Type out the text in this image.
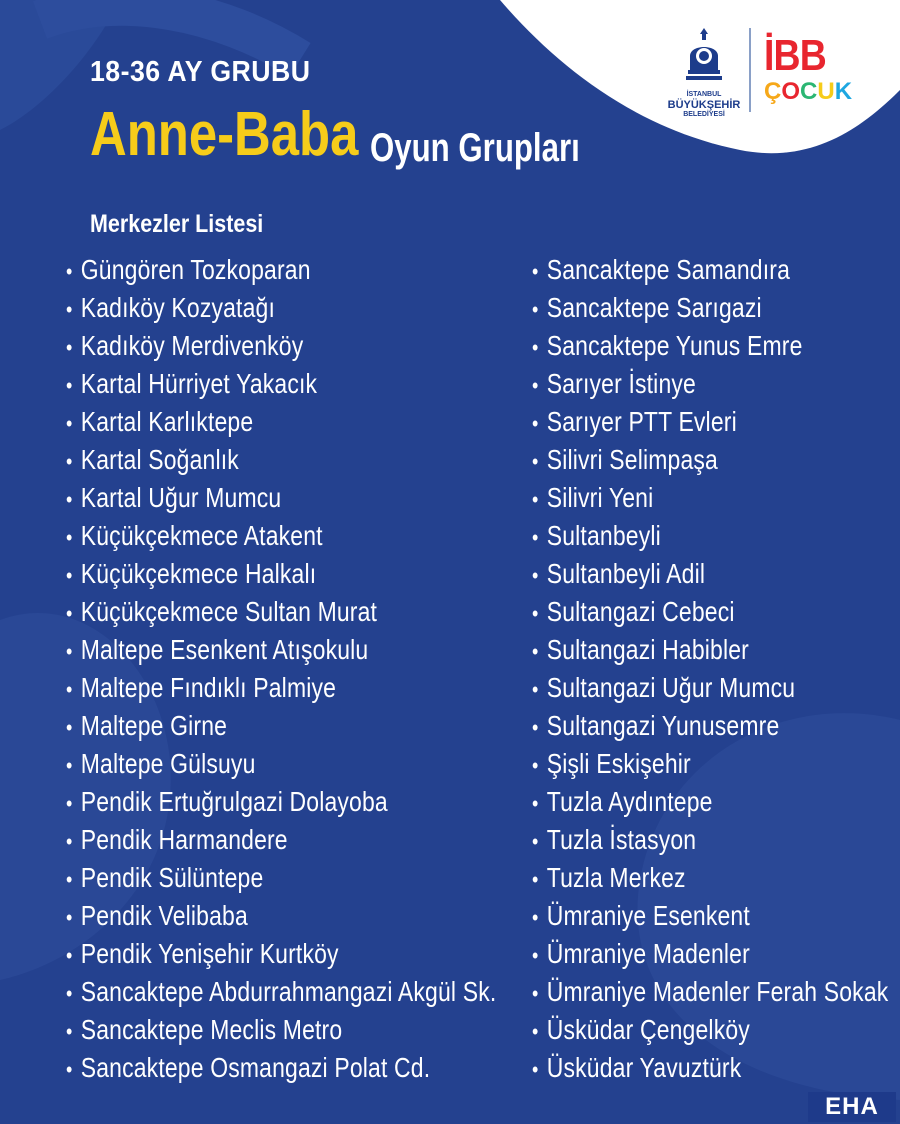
18-36 AY GRUBU
Anne-Baba Oyun Grupları
İSTANBUL
BÜYÜKŞEHİR
BELEDİYESİ
İBB
ÇOCUK
Merkezler Listesi
• Güngören Tozkoparan
• Kadıköy Kozyatağı
• Kadıköy Merdivenköy
• Kartal Hürriyet Yakacık
• Kartal Karlıktepe
• Kartal Soğanlık
• Kartal Uğur Mumcu
• Küçükçekmece Atakent
• Küçükçekmece Halkalı
• Küçükçekmece Sultan Murat
• Maltepe Esenkent Atışokulu
• Maltepe Fındıklı Palmiye
• Maltepe Girne
• Maltepe Gülsuyu
• Pendik Ertuğrulgazi Dolayoba
• Pendik Harmandere
• Pendik Sülüntepe
• Pendik Velibaba
• Pendik Yenişehir Kurtköy
• Sancaktepe Abdurrahmangazi Akgül Sk.
• Sancaktepe Meclis Metro
• Sancaktepe Osmangazi Polat Cd.
• Sancaktepe Samandıra
• Sancaktepe Sarıgazi
• Sancaktepe Yunus Emre
• Sarıyer İstinye
• Sarıyer PTT Evleri
• Silivri Selimpaşa
• Silivri Yeni
• Sultanbeyli
• Sultanbeyli Adil
• Sultangazi Cebeci
• Sultangazi Habibler
• Sultangazi Uğur Mumcu
• Sultangazi Yunusemre
• Şişli Eskişehir
• Tuzla Aydıntepe
• Tuzla İstasyon
• Tuzla Merkez
• Ümraniye Esenkent
• Ümraniye Madenler
• Ümraniye Madenler Ferah Sokak
• Üsküdar Çengelköy
• Üsküdar Yavuztürk
EHA
